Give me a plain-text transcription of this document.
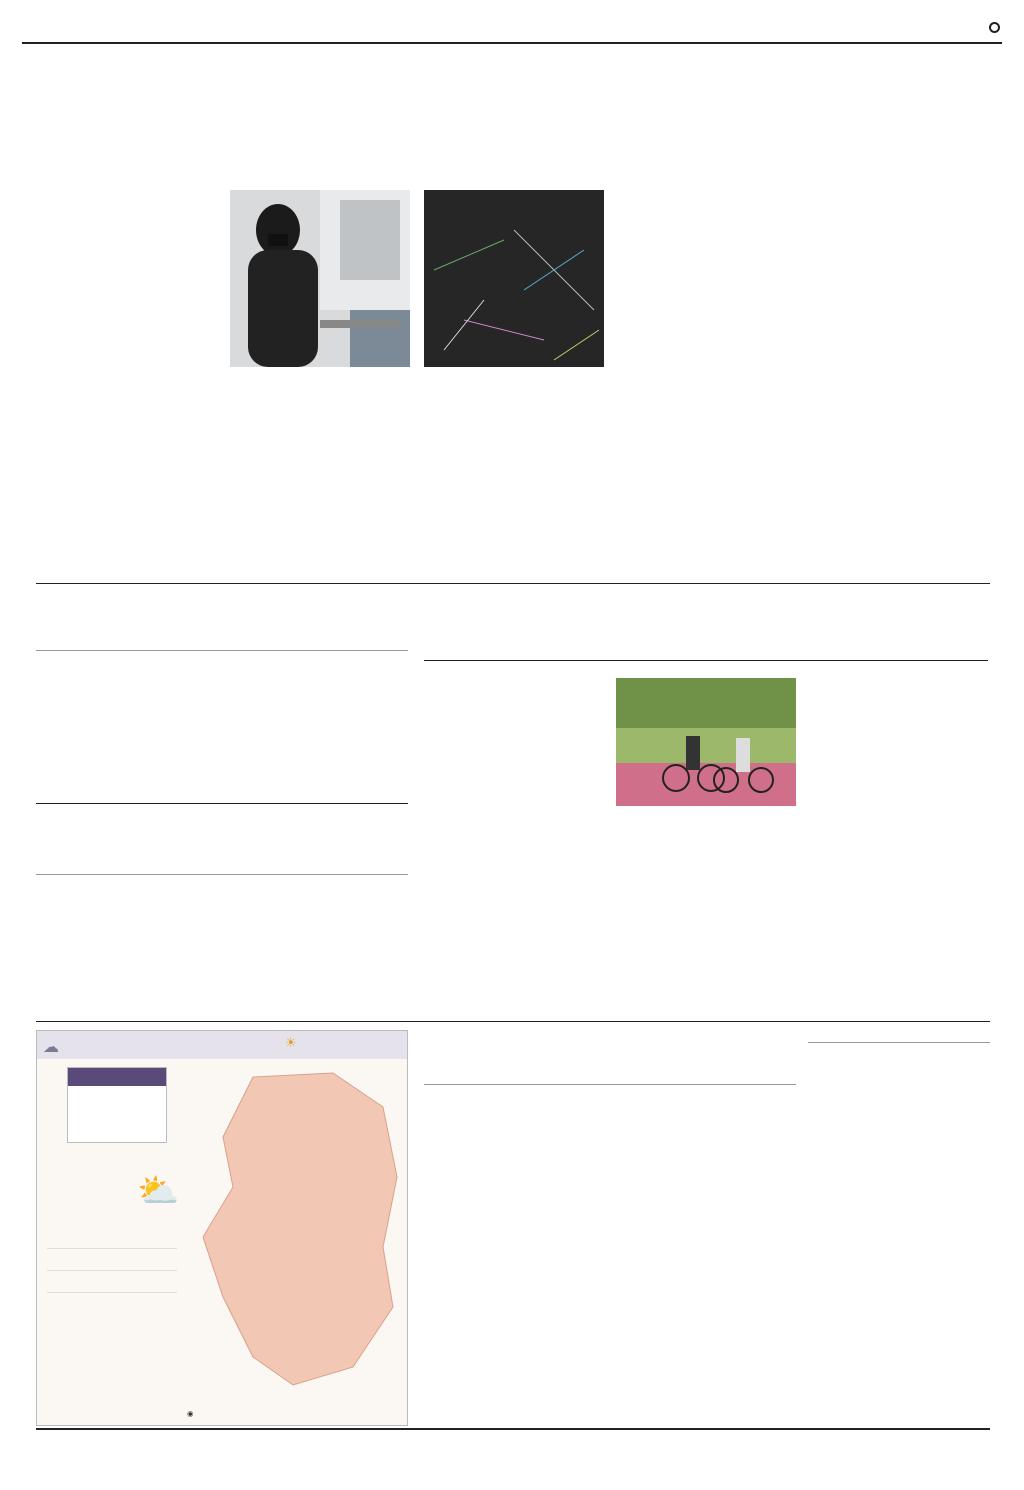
☁	☀
⛅
◉
